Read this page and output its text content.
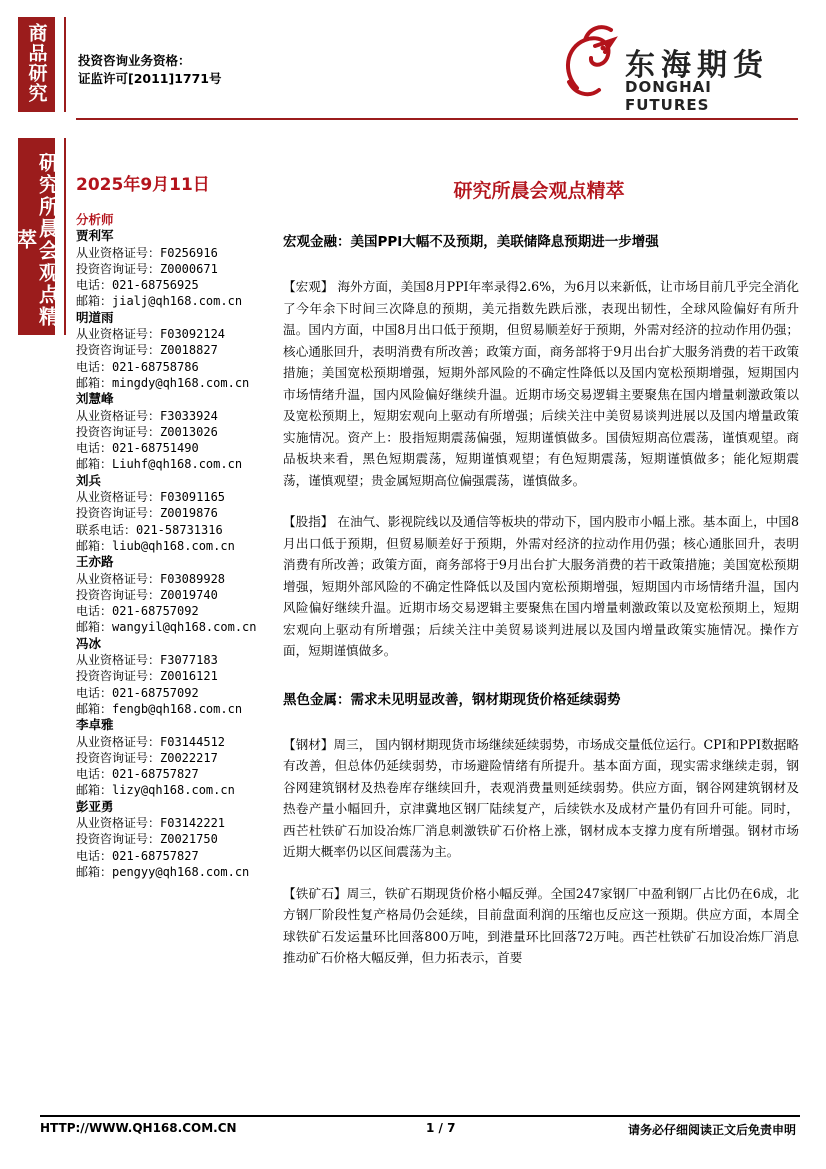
商品研究
研究所晨会观点精萃
投资咨询业务资格：
证监许可[2011]1771号	东海期货
DONGHAI FUTURES
2025年9月11日	研究所晨会观点精萃
分析师
贾利军
从业资格证号：F0256916
投资咨询证号：Z0000671
电话：021-68756925
邮箱：jialj@qh168.com.cn
明道雨
从业资格证号：F03092124
投资咨询证号：Z0018827
电话：021-68758786
邮箱：mingdy@qh168.com.cn
刘慧峰
从业资格证号：F3033924
投资咨询证号：Z0013026
电话：021-68751490
邮箱：Liuhf@qh168.com.cn
刘兵
从业资格证号：F03091165
投资咨询证号：Z0019876
联系电话：021-58731316
邮箱：liub@qh168.com.cn
王亦路
从业资格证号：F03089928
投资咨询证号：Z0019740
电话：021-68757092
邮箱：wangyil@qh168.com.cn
冯冰
从业资格证号：F3077183
投资咨询证号：Z0016121
电话：021-68757092
邮箱：fengb@qh168.com.cn
李卓雅
从业资格证号：F03144512
投资咨询证号：Z0022217
电话：021-68757827
邮箱：lizy@qh168.com.cn
彭亚勇
从业资格证号：F03142221
投资咨询证号：Z0021750
电话：021-68757827
邮箱：pengyy@qh168.com.cn
宏观金融：美国PPI大幅不及预期，美联储降息预期进一步增强

【宏观】 海外方面，美国8月PPI年率录得2.6%，为6月以来新低，让市场目前几乎完全消化了今年余下时间三次降息的预期，美元指数先跌后涨，表现出韧性，全球风险偏好有所升温。国内方面，中国8月出口低于预期，但贸易顺差好于预期，外需对经济的拉动作用仍强；核心通胀回升，表明消费有所改善；政策方面，商务部将于9月出台扩大服务消费的若干政策措施；美国宽松预期增强，短期外部风险的不确定性降低以及国内宽松预期增强，短期国内市场情绪升温，国内风险偏好继续升温。近期市场交易逻辑主要聚焦在国内增量刺激政策以及宽松预期上，短期宏观向上驱动有所增强；后续关注中美贸易谈判进展以及国内增量政策实施情况。资产上：股指短期震荡偏强，短期谨慎做多。国债短期高位震荡，谨慎观望。商品板块来看，黑色短期震荡，短期谨慎观望；有色短期震荡，短期谨慎做多；能化短期震荡，谨慎观望；贵金属短期高位偏强震荡，谨慎做多。

【股指】 在油气、影视院线以及通信等板块的带动下，国内股市小幅上涨。基本面上，中国8月出口低于预期，但贸易顺差好于预期，外需对经济的拉动作用仍强；核心通胀回升，表明消费有所改善；政策方面，商务部将于9月出台扩大服务消费的若干政策措施；美国宽松预期增强，短期外部风险的不确定性降低以及国内宽松预期增强，短期国内市场情绪升温，国内风险偏好继续升温。近期市场交易逻辑主要聚焦在国内增量刺激政策以及宽松预期上，短期宏观向上驱动有所增强；后续关注中美贸易谈判进展以及国内增量政策实施情况。操作方面，短期谨慎做多。

黑色金属：需求未见明显改善，钢材期现货价格延续弱势

【钢材】周三， 国内钢材期现货市场继续延续弱势，市场成交量低位运行。CPI和PPI数据略有改善，但总体仍延续弱势，市场避险情绪有所提升。基本面方面，现实需求继续走弱，钢谷网建筑钢材及热卷库存继续回升，表观消费量则延续弱势。供应方面，钢谷网建筑钢材及热卷产量小幅回升，京津冀地区钢厂陆续复产，后续铁水及成材产量仍有回升可能。同时，西芒杜铁矿石加设冶炼厂消息刺激铁矿石价格上涨，钢材成本支撑力度有所增强。钢材市场近期大概率仍以区间震荡为主。

【铁矿石】周三，铁矿石期现货价格小幅反弹。全国247家钢厂中盈利钢厂占比仍在6成，北方钢厂阶段性复产格局仍会延续，目前盘面利润的压缩也反应这一预期。供应方面，本周全球铁矿石发运量环比回落800万吨，到港量环比回落72万吨。西芒杜铁矿石加设冶炼厂消息推动矿石价格大幅反弹，但力拓表示，首要

HTTP://WWW.QH168.COM.CN	1 / 7	请务必仔细阅读正文后免责申明
